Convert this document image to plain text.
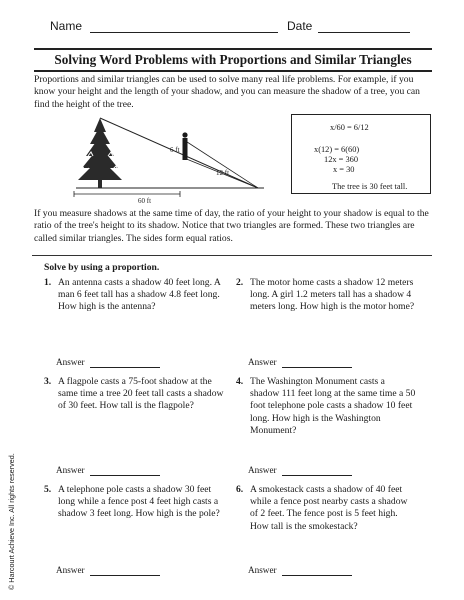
Name	Date
Solving Word Problems with Proportions and Similar Triangles
Proportions and similar triangles can be used to solve many real life problems. For example, if you know your height and the length of your shadow, and you can measure the shadow of a tree, you can find the height of the tree.
6 ft
12 ft
60 ft
x/60 = 6/12
x(12) = 6(60)
12x = 360
x = 30
The tree is 30 feet tall.
If you measure shadows at the same time of day, the ratio of your height to your shadow is equal to the ratio of the tree's height to its shadow. Notice that two triangles are formed. These two triangles are called similar triangles. The sides form equal ratios.
Solve by using a proportion.
1. An antenna casts a shadow 40 feet long. A man 6 feet tall has a shadow 4.8 feet long. How high is the antenna?
Answer
2. The motor home casts a shadow 12 meters long. A girl 1.2 meters tall has a shadow 4 meters long. How high is the motor home?
Answer
3. A flagpole casts a 75-foot shadow at the same time a tree 20 feet tall casts a shadow of 30 feet. How tall is the flagpole?
Answer
4. The Washington Monument casts a shadow 111 feet long at the same time a 50 foot telephone pole casts a shadow 10 feet long. How high is the Washington Monument?
Answer
5. A telephone pole casts a shadow 30 feet long while a fence post 4 feet high casts a shadow 3 feet long. How high is the pole?
Answer
6. A smokestack casts a shadow of 40 feet while a fence post nearby casts a shadow of 2 feet. The fence post is 5 feet high. How tall is the smokestack?
Answer
© Harcourt Achieve Inc. All rights reserved.
